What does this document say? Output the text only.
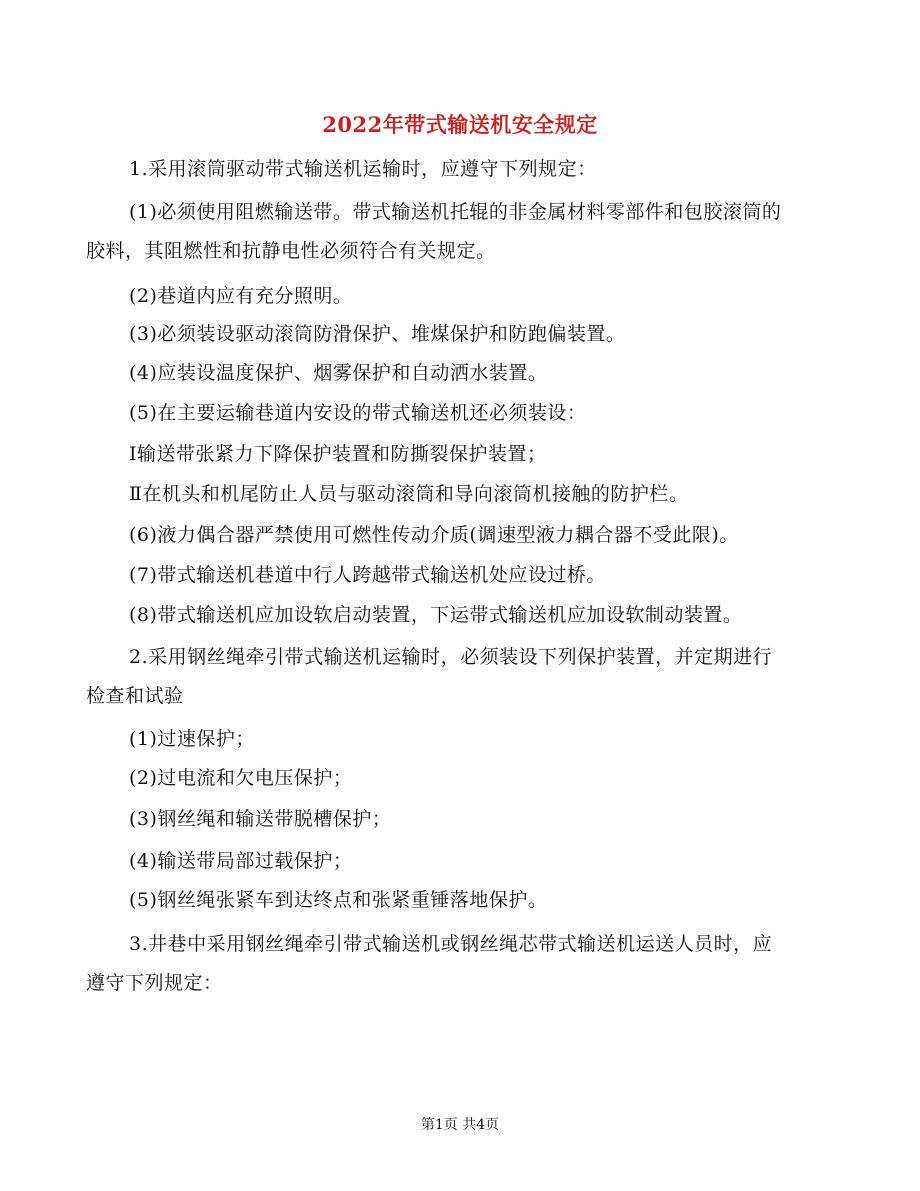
2022年带式输送机安全规定
1.采用滚筒驱动带式输送机运输时，应遵守下列规定：
(1)必须使用阻燃输送带。带式输送机托辊的非金属材料零部件和包胶滚筒的
胶料，其阻燃性和抗静电性必须符合有关规定。
(2)巷道内应有充分照明。
(3)必须装设驱动滚筒防滑保护、堆煤保护和防跑偏装置。
(4)应装设温度保护、烟雾保护和自动洒水装置。
(5)在主要运输巷道内安设的带式输送机还必须装设：
Ⅰ输送带张紧力下降保护装置和防撕裂保护装置；
Ⅱ在机头和机尾防止人员与驱动滚筒和导向滚筒机接触的防护栏。
(6)液力偶合器严禁使用可燃性传动介质(调速型液力耦合器不受此限)。
(7)带式输送机巷道中行人跨越带式输送机处应设过桥。
(8)带式输送机应加设软启动装置，下运带式输送机应加设软制动装置。
2.采用钢丝绳牵引带式输送机运输时，必须装设下列保护装置，并定期进行
检查和试验
(1)过速保护；
(2)过电流和欠电压保护；
(3)钢丝绳和输送带脱槽保护；
(4)输送带局部过载保护；
(5)钢丝绳张紧车到达终点和张紧重锤落地保护。
3.井巷中采用钢丝绳牵引带式输送机或钢丝绳芯带式输送机运送人员时，应
遵守下列规定：
第1页 共4页
